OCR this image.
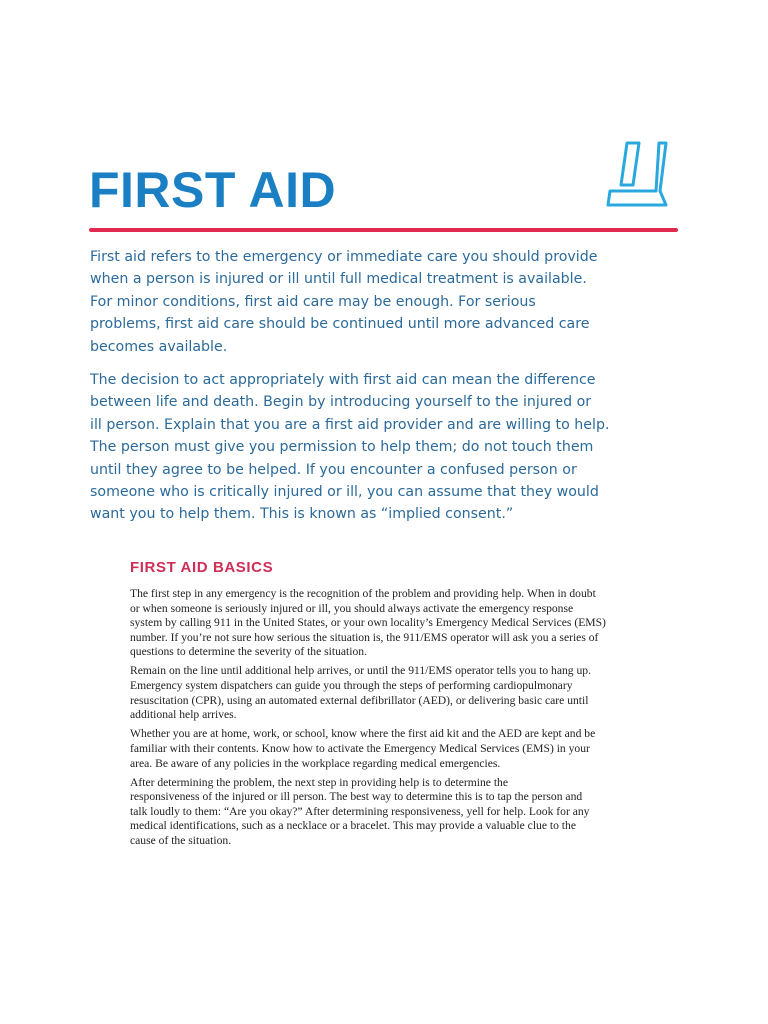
FIRST AID

First aid refers to the emergency or immediate care you should provide
when a person is injured or ill until full medical treatment is available.
For minor conditions, first aid care may be enough. For serious
problems, first aid care should be continued until more advanced care
becomes available.

The decision to act appropriately with first aid can mean the difference
between life and death. Begin by introducing yourself to the injured or
ill person. Explain that you are a first aid provider and are willing to help.
The person must give you permission to help them; do not touch them
until they agree to be helped. If you encounter a confused person or
someone who is critically injured or ill, you can assume that they would
want you to help them. This is known as “implied consent.”

FIRST AID BASICS

The first step in any emergency is the recognition of the problem and providing help. When in doubt
or when someone is seriously injured or ill, you should always activate the emergency response
system by calling 911 in the United States, or your own locality’s Emergency Medical Services (EMS)
number. If you’re not sure how serious the situation is, the 911/EMS operator will ask you a series of
questions to determine the severity of the situation.

Remain on the line until additional help arrives, or until the 911/EMS operator tells you to hang up.
Emergency system dispatchers can guide you through the steps of performing cardiopulmonary
resuscitation (CPR), using an automated external defibrillator (AED), or delivering basic care until
additional help arrives.

Whether you are at home, work, or school, know where the first aid kit and the AED are kept and be
familiar with their contents. Know how to activate the Emergency Medical Services (EMS) in your
area. Be aware of any policies in the workplace regarding medical emergencies.

After determining the problem, the next step in providing help is to determine the
responsiveness of the injured or ill person. The best way to determine this is to tap the person and
talk loudly to them: “Are you okay?” After determining responsiveness, yell for help. Look for any
medical identifications, such as a necklace or a bracelet. This may provide a valuable clue to the
cause of the situation.
